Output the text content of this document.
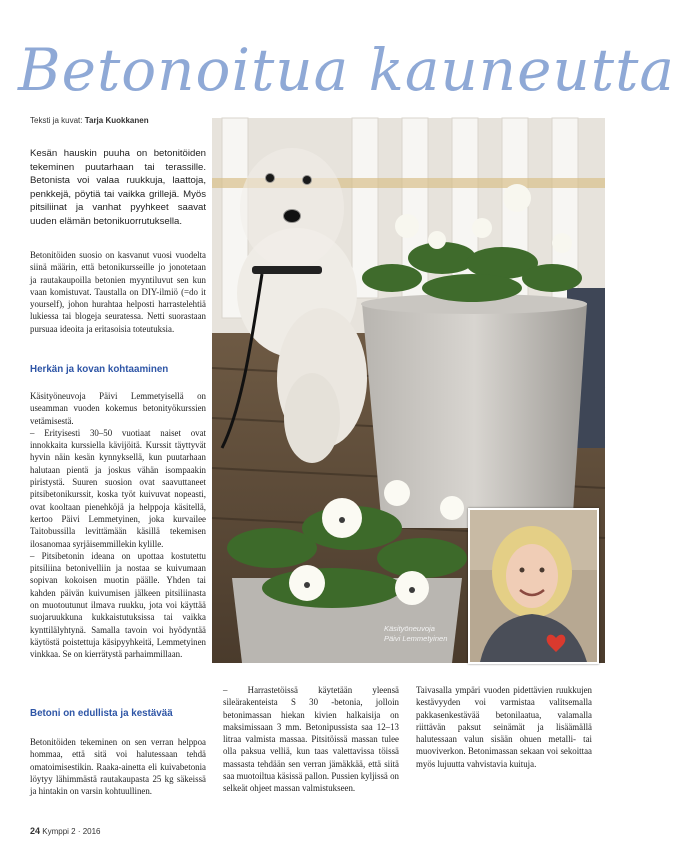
Betonoitua kauneutta
Teksti ja kuvat: Tarja Kuokkanen
Kesän hauskin puuha on betonitöiden tekeminen puutarhaan tai terassille. Betonista voi valaa ruukkuja, laattoja, penkkejä, pöytiä tai vaikka grillejä. Myös pitsiliinat ja vanhat pyyhkeet saavat uuden elämän betonikuorrutuksella.

Betonitöiden suosio on kasvanut vuosi vuodelta siinä määrin, että betonikursseille jo jonotetaan ja rautakaupoilla betonien myyntiluvut sen kun vaan komistuvat. Taustalla on DIY-ilmiö (=do it yourself), johon hurahtaa helposti harrastelehtiä lukiessa tai blogeja seuratessa. Netti suorastaan pursuaa ideoita ja eritasoisia toteutuksia.

Herkän ja kovan kohtaaminen

Käsityöneuvoja Päivi Lemmetyisellä on useamman vuoden kokemus betonityökurssien vetämisestä.

– Erityisesti 30–50 vuotiaat naiset ovat innokkaita kurssiella kävijöitä. Kurssit täyttyvät hyvin näin kesän kynnyksellä, kun puutarhaan halutaan pientä ja joskus vähän isompaakin piristystä. Suuren suosion ovat saavuttaneet pitsibetonikurssit, koska työt kuivuvat nopeasti, ovat kooltaan pienehköjä ja helppoja käsitellä, kertoo Päivi Lemmetyinen, joka kurvailee Taitobussilla levittämään käsillä tekemisen ilosanomaa syrjäisemmillekin kylille.

– Pitsibetonin ideana on upottaa kostutettu pitsiliina betonivelliin ja nostaa se kuivumaan sopivan kokoisen muotin päälle. Yhden tai kahden päivän kuivumisen jälkeen pitsiliinasta on muotoutunut ilmava ruukku, jota voi käyttää suojaruukkuna kukkaistutuksissa tai vaikka kynttilälyhtynä. Samalla tavoin voi hyödyntää käytöstä poistettuja käsipyyhkeitä, Lemmetyinen vinkkaa. Se on kierrätystä parhaimmillaan.

Betoni on edullista ja kestävää

Betonitöiden tekeminen on sen verran helppoa hommaa, että sitä voi halutessaan tehdä omatoimisestikin. Raaka-ainetta eli kuivabetonia löytyy lähimmästä rautakaupasta 25 kg säkeissä ja hintakin on varsin kohtuullinen.

Käsityöneuvoja
Päivi Lemmetyinen

– Harrastetöissä käytetään yleensä sileärakenteista S 30 -betonia, jolloin betonimassan hiekan kivien halkaisija on maksimissaan 3 mm. Betonipussista saa 12–13 litraa valmista massaa. Pitsitöissä massan tulee olla paksua velliä, kun taas valettavissa töissä massasta tehdään sen verran jämäkkää, että siitä saa muotoiltua käsissä pallon. Pussien kyljissä on selkeät ohjeet massan valmistukseen.

Taivasalla ympäri vuoden pidettävien ruukkujen kestävyyden voi varmistaa valitsemalla pakkasenkestävää betonilaatua, valamalla riittävän paksut seinämät ja lisäämällä halutessaan valun sisään ohuen metalli- tai muoviverkon. Betonimassan sekaan voi sekoittaa myös lujuutta vahvistavia kuituja.

24 Kymppi 2 · 2016
